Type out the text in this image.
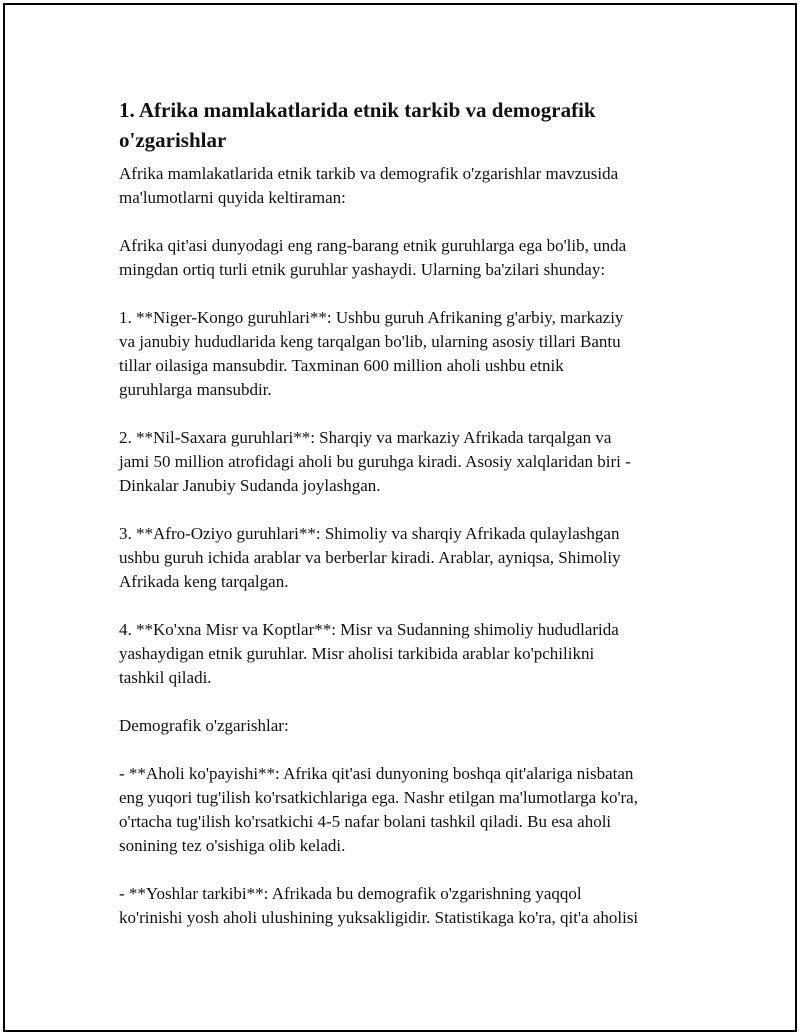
1. Afrika mamlakatlarida etnik tarkib va demografik
o'zgarishlar

Afrika mamlakatlarida etnik tarkib va demografik o'zgarishlar mavzusida
ma'lumotlarni quyida keltiraman:

Afrika qit'asi dunyodagi eng rang-barang etnik guruhlarga ega bo'lib, unda
mingdan ortiq turli etnik guruhlar yashaydi. Ularning ba'zilari shunday:

1. **Niger-Kongo guruhlari**: Ushbu guruh Afrikaning g'arbiy, markaziy
va janubiy hududlarida keng tarqalgan bo'lib, ularning asosiy tillari Bantu
tillar oilasiga mansubdir. Taxminan 600 million aholi ushbu etnik
guruhlarga mansubdir.

2. **Nil-Saxara guruhlari**: Sharqiy va markaziy Afrikada tarqalgan va
jami 50 million atrofidagi aholi bu guruhga kiradi. Asosiy xalqlaridan biri -
Dinkalar Janubiy Sudanda joylashgan.

3. **Afro-Oziyo guruhlari**: Shimoliy va sharqiy Afrikada qulaylashgan
ushbu guruh ichida arablar va berberlar kiradi. Arablar, ayniqsa, Shimoliy
Afrikada keng tarqalgan.

4. **Ko'xna Misr va Koptlar**: Misr va Sudanning shimoliy hududlarida
yashaydigan etnik guruhlar. Misr aholisi tarkibida arablar ko'pchilikni
tashkil qiladi.

Demografik o'zgarishlar:

- **Aholi ko'payishi**: Afrika qit'asi dunyoning boshqa qit'alariga nisbatan
eng yuqori tug'ilish ko'rsatkichlariga ega. Nashr etilgan ma'lumotlarga ko'ra,
o'rtacha tug'ilish ko'rsatkichi 4-5 nafar bolani tashkil qiladi. Bu esa aholi
sonining tez o'sishiga olib keladi.

- **Yoshlar tarkibi**: Afrikada bu demografik o'zgarishning yaqqol
ko'rinishi yosh aholi ulushining yuksakligidir. Statistikaga ko'ra, qit'a aholisi
